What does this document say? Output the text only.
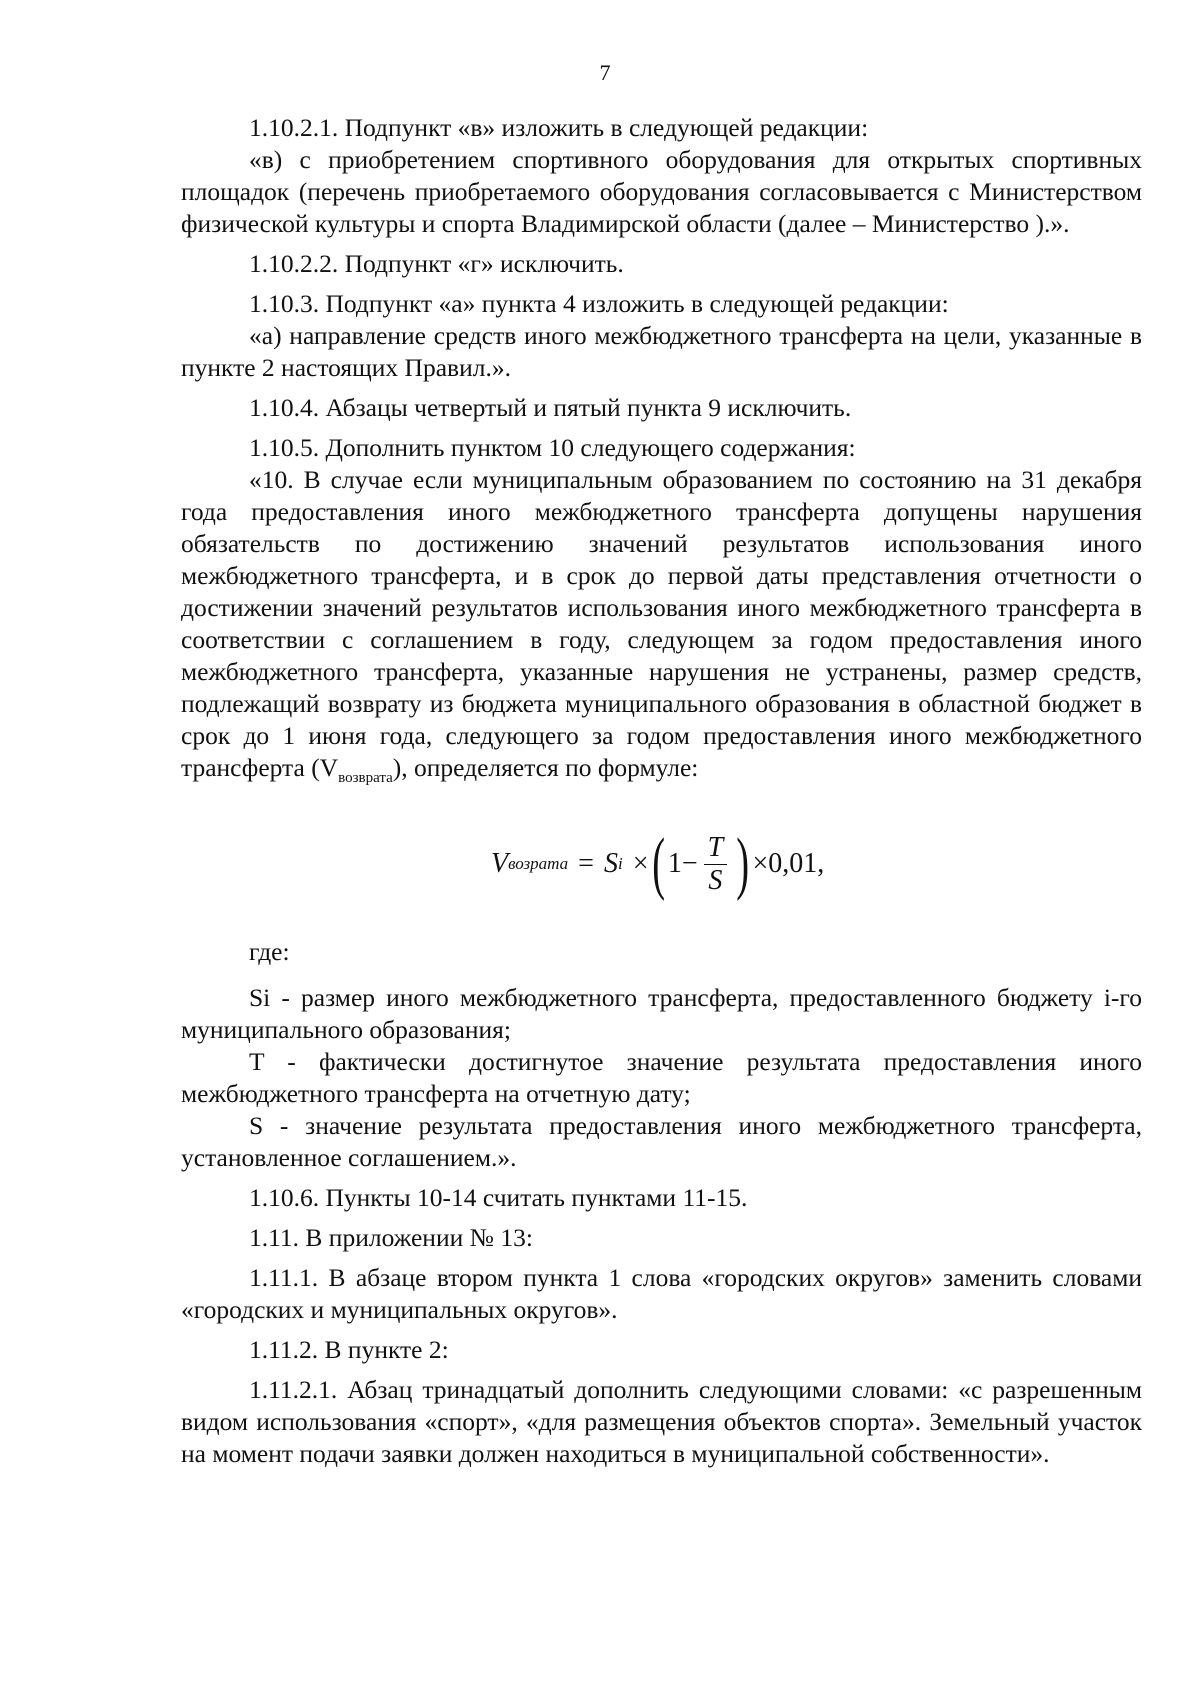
7

1.10.2.1. Подпункт «в» изложить в следующей редакции:

«в) с приобретением спортивного оборудования для открытых спортивных площадок (перечень приобретаемого оборудования согласовывается с Министерством физической культуры и спорта Владимирской области (далее – Министерство ).».

1.10.2.2. Подпункт «г» исключить.

1.10.3. Подпункт «а» пункта 4 изложить в следующей редакции:

«а) направление средств иного межбюджетного трансферта на цели, указанные в пункте 2 настоящих Правил.».

1.10.4. Абзацы четвертый и пятый пункта 9 исключить.

1.10.5. Дополнить пунктом 10 следующего содержания:

«10. В случае если муниципальным образованием по состоянию на 31 декабря года предоставления иного межбюджетного трансферта допущены нарушения обязательств по достижению значений результатов использования иного межбюджетного трансферта, и в срок до первой даты представления отчетности о достижении значений результатов использования иного межбюджетного трансферта в соответствии с соглашением в году, следующем за годом предоставления иного межбюджетного трансферта, указанные нарушения не устранены, размер средств, подлежащий возврату из бюджета муниципального образования в областной бюджет в срок до 1 июня года, следующего за годом предоставления иного межбюджетного трансферта $(V_{возврата})$, определяется по формуле:

V возрата = S i × ( $1 - \frac{T}{S}$ ) × 0,01 ,

где:

Si - размер иного межбюджетного трансферта, предоставленного бюджету i-го муниципального образования;

T - фактически достигнутое значение результата предоставления иного межбюджетного трансферта на отчетную дату;

S - значение результата предоставления иного межбюджетного трансферта, установленное соглашением.».

1.10.6. Пункты 10-14 считать пунктами 11-15.

1.11. В приложении № 13:

1.11.1. В абзаце втором пункта 1 слова «городских округов» заменить словами «городских и муниципальных округов».

1.11.2. В пункте 2:

1.11.2.1. Абзац тринадцатый дополнить следующими словами: «с разрешенным видом использования «спорт», «для размещения объектов спорта». Земельный участок на момент подачи заявки должен находиться в муниципальной собственности».
